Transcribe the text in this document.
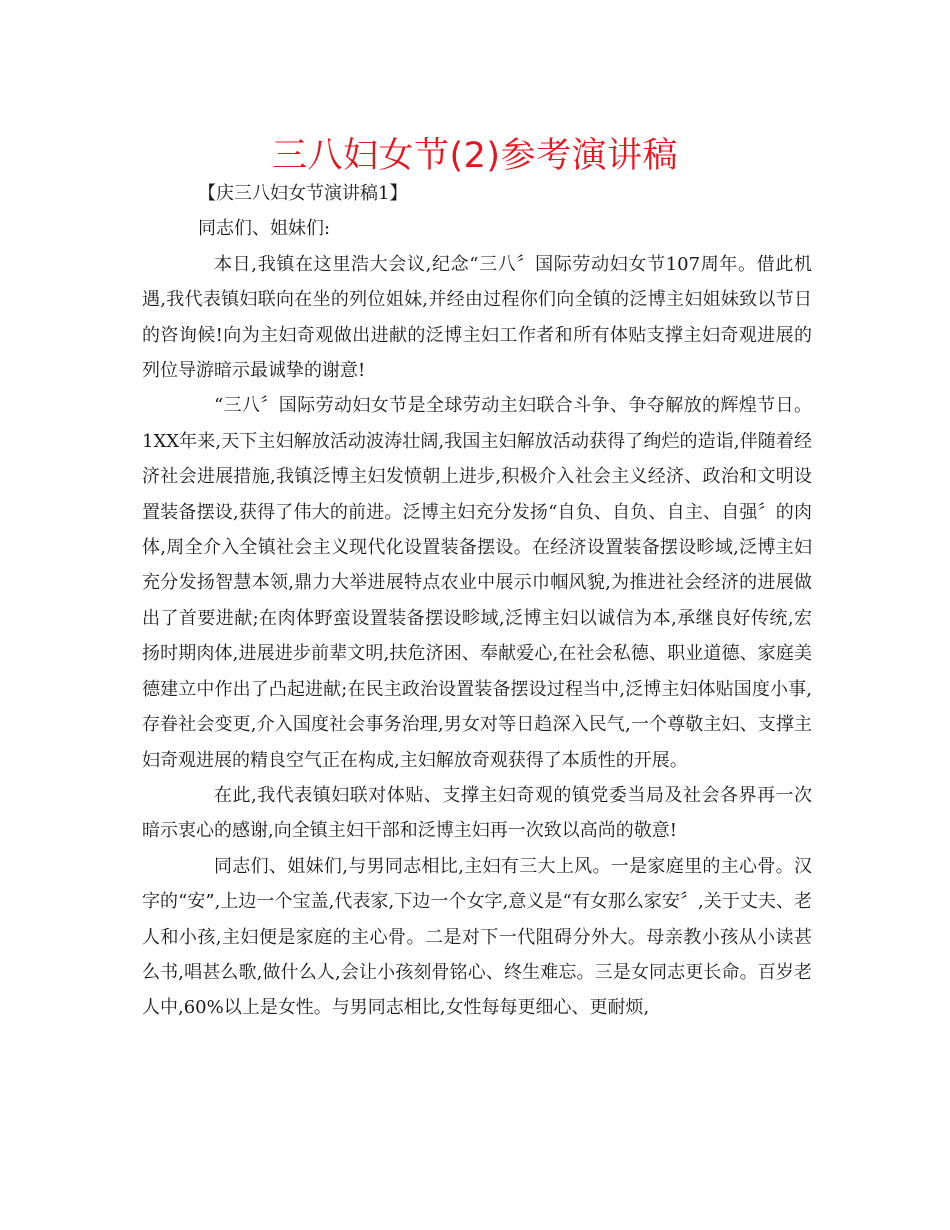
三八妇女节(2)参考演讲稿

【庆三八妇女节演讲稿1】

同志们、姐妹们:

本日,我镇在这里浩大会议,纪念“三八〞国际劳动妇女节107周年。借此机遇,我代表镇妇联向在坐的列位姐妹,并经由过程你们向全镇的泛博主妇姐妹致以节日的咨询候!向为主妇奇观做出进献的泛博主妇工作者和所有体贴支撑主妇奇观进展的列位导游暗示最诚挚的谢意!

“三八〞国际劳动妇女节是全球劳动主妇联合斗争、争夺解放的辉煌节日。1XX年来,天下主妇解放活动波涛壮阔,我国主妇解放活动获得了绚烂的造诣,伴随着经济社会进展措施,我镇泛博主妇发愤朝上进步,积极介入社会主义经济、政治和文明设置装备摆设,获得了伟大的前进。泛博主妇充分发扬“自负、自负、自主、自强〞的肉体,周全介入全镇社会主义现代化设置装备摆设。在经济设置装备摆设畛域,泛博主妇充分发扬智慧本领,鼎力大举进展特点农业中展示巾帼风貌,为推进社会经济的进展做出了首要进献;在肉体野蛮设置装备摆设畛域,泛博主妇以诚信为本,承继良好传统,宏扬时期肉体,进展进步前辈文明,扶危济困、奉献爱心,在社会私德、职业道德、家庭美德建立中作出了凸起进献;在民主政治设置装备摆设过程当中,泛博主妇体贴国度小事,存眷社会变更,介入国度社会事务治理,男女对等日趋深入民气,一个尊敬主妇、支撑主妇奇观进展的精良空气正在构成,主妇解放奇观获得了本质性的开展。

在此,我代表镇妇联对体贴、支撑主妇奇观的镇党委当局及社会各界再一次暗示衷心的感谢,向全镇主妇干部和泛博主妇再一次致以高尚的敬意!

同志们、姐妹们,与男同志相比,主妇有三大上风。一是家庭里的主心骨。汉字的“安”,上边一个宝盖,代表家,下边一个女字,意义是“有女那么家安〞,关于丈夫、老人和小孩,主妇便是家庭的主心骨。二是对下一代阻碍分外大。母亲教小孩从小读甚么书,唱甚么歌,做什么人,会让小孩刻骨铭心、终生难忘。三是女同志更长命。百岁老人中,60%以上是女性。与男同志相比,女性每每更细心、更耐烦,
